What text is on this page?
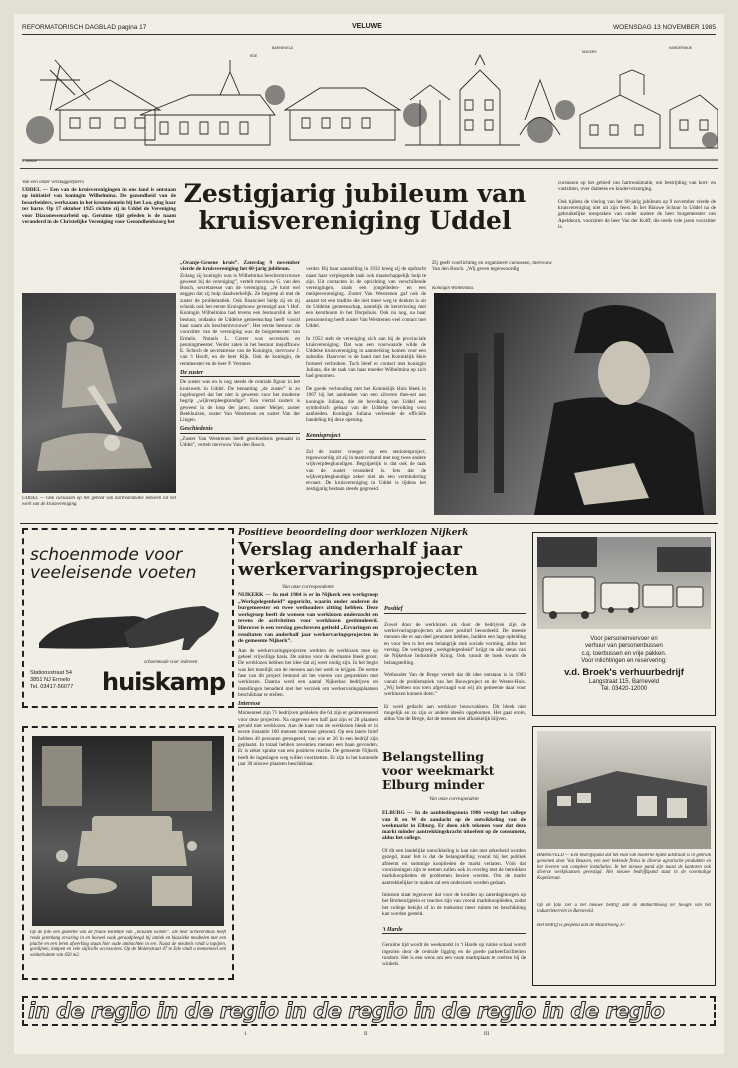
REFORMATORISCH DAGBLAD pagina 17	VELUWE	WOENSDAG 13 NOVEMBER 1985
BARNEVELD
EDE
HARDERWIJK
NIJKERK
J. MISDE
Van een onzer verslaggeefsters
UDDEL — Een van de kruisverenigingen in ons land is ontstaan op initiatief van koningin Wilhelmina. De gezondheid van de bosarbeiders, werkzaam in het kroondomein bij het Loo, ging haar ter harte. Op 17 oktober 1925 richtte zij in Uddel de Vereniging voor Diaconessenarbeid op. Geruime tijd geleden is de naam veranderd in de Christelijke Vereniging voor Gezondheidszorg het
Zestigjarig jubileum van
kruisvereniging Uddel
UDDEL — Ook cursussen op het gebied van hartreanimatie behoren tot het werk van de kruisvereniging.
„Oranje-Groene kruis”. Zaterdag 9 november vierde de kruisvereniging het 60-jarig jubileum.
Zolang zij koningin was is Wilhelmina beschermvrouwe geweest bij de vereniging”, vertelt mevrouw G. van den Bosch, secretaresse van de vereniging. „Je kunt wel zeggen dat zij hulp daadwerkelijk. Ze begreep al met de zuster de problematiek. Ook financieel hielp zij en zij schonk ook het eerste Kruisgebouw gevestigd aan 't Hof. Koningin Wilhelmina had tevens een bestuurslid in het bestuur, ondanks de Uddelse gemeenschap heeft vooral haar naam als beschermvrouwe”. Het eerste bestuur: de voorzitter van de vereniging was de burgemeester van Ermelo. Notaris L. Crerer was secretaris en penningmeester. Verder zaten in het bestuur mejuffrouw E. Schoch de secretaresse van de Koningin, mevrouw J. van 't Hooft, en de heer Rijk. Ook de koningin, de rentmeester en de heer P. Vermeer.
De zuster
De zuster was en is nog steeds de centrale figuur in het kruiswerk in Uddel. De benaming „de zuster” is zo ingeburgerd dat het niet is geweten voor het moderne begrip „wijkverpleegkundige”. Een viertal zusters is geweest in de loop der jaren; zuster Meijer, zuster Beekhuizen, zuster Van Westrenen en zuster Van der Lingen.
Geschiedenis
„Zuster Van Westrenen heeft geschiedenis gemaakt in Uddel”, vertelt mevrouw Van den Bosch.

verder. Bij haar aanstelling in 1932 kreeg zij de opdracht naast haar verplegende taak ook maatschappelijk hulp te zijn. Uit contacten in de oprichting van verschillende verenigingen, zoals een jongelieden- en een meisjesvereniging. Zuster Van Westrenen gaf ook de aanzet tot een traditie die niet meer weg te denken is uit de Uddelse gemeenschap, namelijk de kerstviering met een kerstboom in het Dorpshuis. Ook nu nog, na haar pensionering heeft zuster Van Westrenen veel contact met Uddel.

In 1952 stelt de vereniging zich aan bij de provinciale kruisvereniging. Dat was een voorwaarde wilde de Uddelse kruisvereniging in aanmerking komen voor een subsidie. Daarvoor is de band met het Koninklijk Huis formeel verbroken. Toch bleef er contact met koningin Juliana, die de taak van haar moeder Wilhelmina op zich had genomen.

De goede verhouding met het Koninklijk Huis bleek in 1967 bij het aanbieden van een zilveren thee-set aan koningin Juliana, die de bevolking van Uddel een symbolisch gebaar van de Uddelse bevolking wou aanbieden. Koningin Juliana verleende de officiële handeling bij deze opening.

Kennisproject

Zal de zuster vroeger op een seniorenproject, tegenwoordig zit zij in teamverband met nog twee andere wijkverpleegkundigen. Begrijpelijk is dat ook de taak van de zuster veranderd is. Iets dat de wijkverpleegkundige zeker niet als een vermindering ervaart. De kruisvereniging in Uddel is tijdens het zestigjarig bestaan steeds gegroeid.

Zij geeft voorlichting en organiseert cursussen, mevrouw Van den Bosch. „Wij geven tegenwoordig
Koningin Wilhelmina.
cursussen op het gebied van hartreanimatie, om bestrijding van kort- en vastzitten, over diabetes en kinderverzorging.

Ook tijdens de viering van het 60-jarig jubileum op 9 november vierde de kruisvereniging niet uit zijn feest. In het Blauwe Schuur in Uddel na de gebruikelijke toespraken van onder andere de heer burgemeester van Apeldoorn, voorzitter de heer Van der Kolff, die reeds vele jaren voorzitter is.
schoenmode voor
veeleisende voeten
schoenmode voor iedereen
Stationsstraat 54
3851 NJ Ermelo
Tel. 03417-56077 huiskamp
Positieve beoordeling door werklozen Nijkerk
Verslag anderhalf jaar
werkervaringsprojecten
Van onze correspondente
NIJKERK — In mei 1984 is er in Nijkerk een werkgroep „Werkgelegenheid” opgericht, waarin onder anderen de burgemeester en twee wethouders zitting hebben. Deze werkgroep heeft de wensen van werklozen onderzocht en tevens de activiteiten voor werklozen gestimuleerd. Hierover is een verslag geschreven getiteld „Ervaringen en resultaten van anderhalf jaar werkervaringsprojecten in de gemeente Nijkerk”.
Aan de werkervaringsprojecten werkten de werklozen mee op geheel vrijwillige basis. De animo voor de deelname bleek groot. De werklozen hebben het idee dat zij weer nodig zijn. In het begin was het moeilijk om de mensen aan het werk te krijgen. De eerste fase van dit project bestond uit het voeren van gesprekken met werklozen. Daarna werd een aantal Nijkerkse bedrijven en instellingen benaderd met het verzoek om werkervaringsplaatsen beschikbaar te stellen.
Interesse
Momenteel zijn 71 bedrijven gebleken die 64 zijn er geïnteresseerd voor deze projecten. Na ongeveer een half jaar zijn er 28 plaatsen gevuld met werklozen. Aan de kant van de werklozen bleek er in eerste instantie 100 mensen interesse getoond. Op een latere brief hebben 46 personen gereageerd, van wie er 26 in een bedrijf zijn geplaatst. In totaal hebben zeventien mensen een baan gevonden. Er is zeker sprake van een positieve reactie. De gemeente Nijkerk heeft de ingeslagen weg willen voortzetten. Er zijn in het komende jaar 30 nieuwe plaatsen beschikbaar.

Positief

Zowel door de werklozen als door de bedrijven zijn de werkervaringsprojecten als zeer positief beoordeeld. De meeste mensen die er aan deel genomen hebben, hadden een lage opleiding en voor hen is het een belangrijk stuk sociale vorming, aldus het verslag. De werkgroep „werkgelegenheid” krijgt nu alle steun van de Nijkerkse Industriële Kring. Ook vanuit de hoek kwam de belangstelling.

Wethouder Van de Brege vertelt dat dit idee ontstaan is in 1983 vanuit de problematiek van het Bouwproject en de Wester-Huis. „Wij hebben ons toen afgevraagd wat wij als gemeente daar voor werklozen kunnen doen.”

Er werd gedacht aan werkloze bouwvakkers. Dit bleek niet mogelijk en zo zijn er andere ideeën opgekomen. Het gaat erom, aldus Van de Brege, dat de mensen niet afhankelijk blijven.

Voor personenvervoer en
verhuur van personenbussen
c.q. toerbussen en vrije pakken.
Voor inlichtingen en reservering:
v.d. Broek's verhuurbedrijf
Langstraat 115, Barneveld
Tel. 03420-12000
Op de foto een gedeelte van de fraaie kollektie van „klassiek wonen”. De heer Schevershuis heeft reeds jarenlang ervaring in en hoewel vaak geraadpleegd bij antiek en klassieke meubelen met een pluche en een leren afwerking staan hier oude ambachten in ere. Naast de meubels vindt u tapijten, gordijnen, lampen en vele stijlvolle accessoires. Op de Molenstraat 47 te Ede vindt u momenteel een winkelruimte van 450 m2.
Belangstelling
voor weekmarkt
Elburg minder
Van onze correspondent

ELBURG — In de aanbiedingsnota 1986 vestigt het college van B en W de aandacht op de ontwikkeling van de weekmarkt in Elburg. Er doen zich tekenen voor dat deze markt minder aantrekkingskracht uitoefent op de consument, aldus het college.

Of dit een landelijke ontwikkeling is kan niet met zekerheid worden gezegd, maar feit is dat de belangstelling vooral bij het publiek afneemt en sommige kooplieden de markt verlaten. Vóór dat voorzieningen zijn te nemen zullen ook in overleg met de betrokken marktkooplieden de problemen bezien worden. Om de markt aantrekkelijker te maken zal een onderzoek worden gedaan.

Intussen staat tegenover dat voor de kruiden op zaterdagmorgen op het Breitenrijplein er reacties zijn van vooral marktkooplieden, zodat het college bekijkt of in de toekomst meer ruimte ter beschikking kan worden gesteld.

't Harde

Geruime tijd wordt de weekmarkt in 't Harde op ruime schaal wordt ingezien door de centrale ligging en de goede parkeerfaciliteiten rondom. Het is een wens om een vaste marktplaats te creëren bij de winkels.

BARNEVELD — Een bedrijfspand dat het elan van moderne tijden uitstraalt is in gebruik genomen door Van Beuzem, een zeer bekende firma in diverse agrarische produkten en het leveren van complete installaties. In het nieuwe pand zijn naast de kantoren ook diverse werkplaatsen gevestigd. Het nieuwe bedrijfspand staat in de voormalige Kapelstraat.
Op de foto ziet u het nieuwe bedrijf aan de Ambachtsweg ter hoogte van het industrieterrein in Barneveld.
Het bedrijf is geopend aan de Mozartsweg 37.
in de regio in de regio in de regio in de regio in de regio
1	II	III
